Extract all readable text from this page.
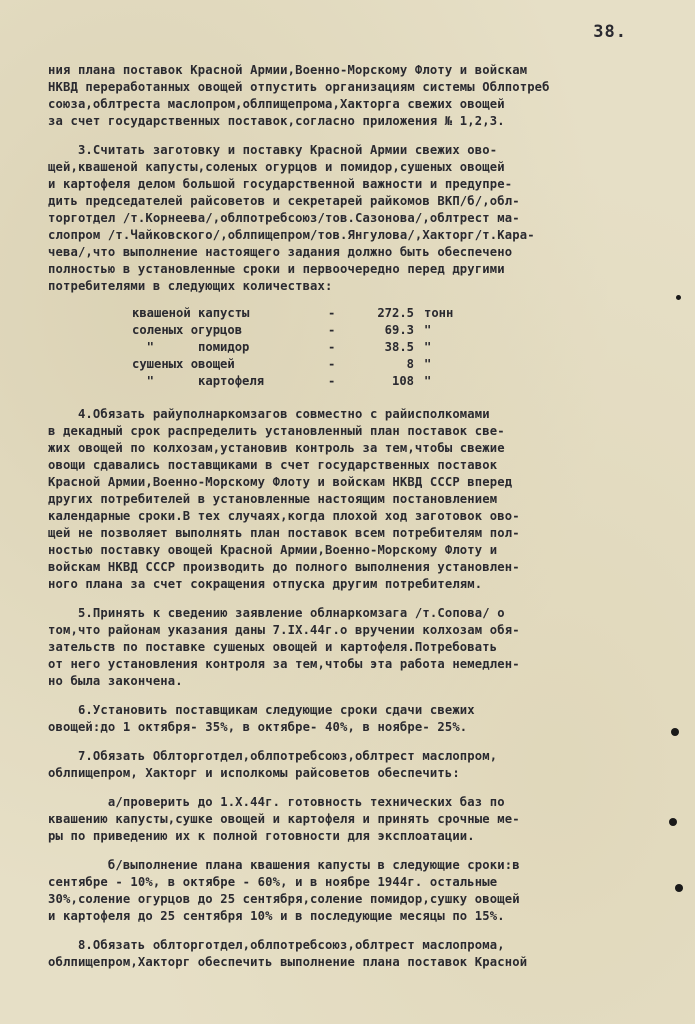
38.
ния плана поставок Красной Армии,Военно-Морскому Флоту и войскам
НКВД переработанных овощей отпустить организациям системы Облпотреб
союза,облтреста маслопром,облпищепрома,Хакторга свежих овощей
за счет государственных поставок,согласно приложения № 1,2,3.
3.Считать заготовку и поставку Красной Армии свежих ово-
щей,квашеной капусты,соленых огурцов и помидор,сушеных овощей
и картофеля делом большой государственной важности и предупре-
дить председателей райсоветов и секретарей райкомов ВКП/б/,обл-
торготдел /т.Корнеева/,облпотребсоюз/тов.Сазонова/,облтрест ма-
слопром /т.Чайковского/,облпищепром/тов.Янгулова/,Хакторг/т.Кара-
чева/,что выполнение настоящего задания должно быть обеспечено
полностью в установленные сроки и первоочередно перед другими
потребителями в следующих количествах:
квашеной капусты	-	272.5 тонн
соленых огурцов	-	69.3 "
"      помидор	-	38.5 "
сушеных овощей	-	8 "
"      картофеля	-	108 "
4.Обязать райуполнаркомзагов совместно с райисполкомами
в декадный срок распределить установленный план поставок све-
жих овощей по колхозам,установив контроль за тем,чтобы свежие
овощи сдавались поставщиками в счет государственных поставок
Красной Армии,Военно-Морскому Флоту и войскам НКВД СССР вперед
других потребителей в установленные настоящим постановлением
календарные сроки.В тех случаях,когда плохой ход заготовок ово-
щей не позволяет выполнять план поставок всем потребителям пол-
ностью поставку овощей Красной Армии,Военно-Морскому Флоту и
войскам НКВД СССР производить до полного выполнения установлен-
ного плана за счет сокращения отпуска другим потребителям.
5.Принять к сведению заявление облнаркомзага /т.Сопова/ о
том,что районам указания даны 7.IХ.44г.о вручении колхозам обя-
зательств по поставке сушеных овощей и картофеля.Потребовать
от него установления контроля за тем,чтобы эта работа немедлен-
но была закончена.
6.Установить поставщикам следующие сроки сдачи свежих
овощей:до 1 октября- 35%, в октябре- 40%, в ноябре- 25%.
7.Обязать Облторготдел,облпотребсоюз,облтрест маслопром,
облпищепром, Хакторг и исполкомы райсоветов обеспечить:
а/проверить до 1.Х.44г. готовность технических баз по
квашению капусты,сушке овощей и картофеля и принять срочные ме-
ры по приведению их к полной готовности для эксплоатации.
б/выполнение плана квашения капусты в следующие сроки:в
сентябре - 10%, в октябре - 60%, и в ноябре 1944г. остальные
30%,соление огурцов до 25 сентября,соление помидор,сушку овощей
и картофеля до 25 сентября 10% и в последующие месяцы по 15%.
8.Обязать облторготдел,облпотребсоюз,облтрест маслопрома,
облпищепром,Хакторг обеспечить выполнение плана поставок Красной
